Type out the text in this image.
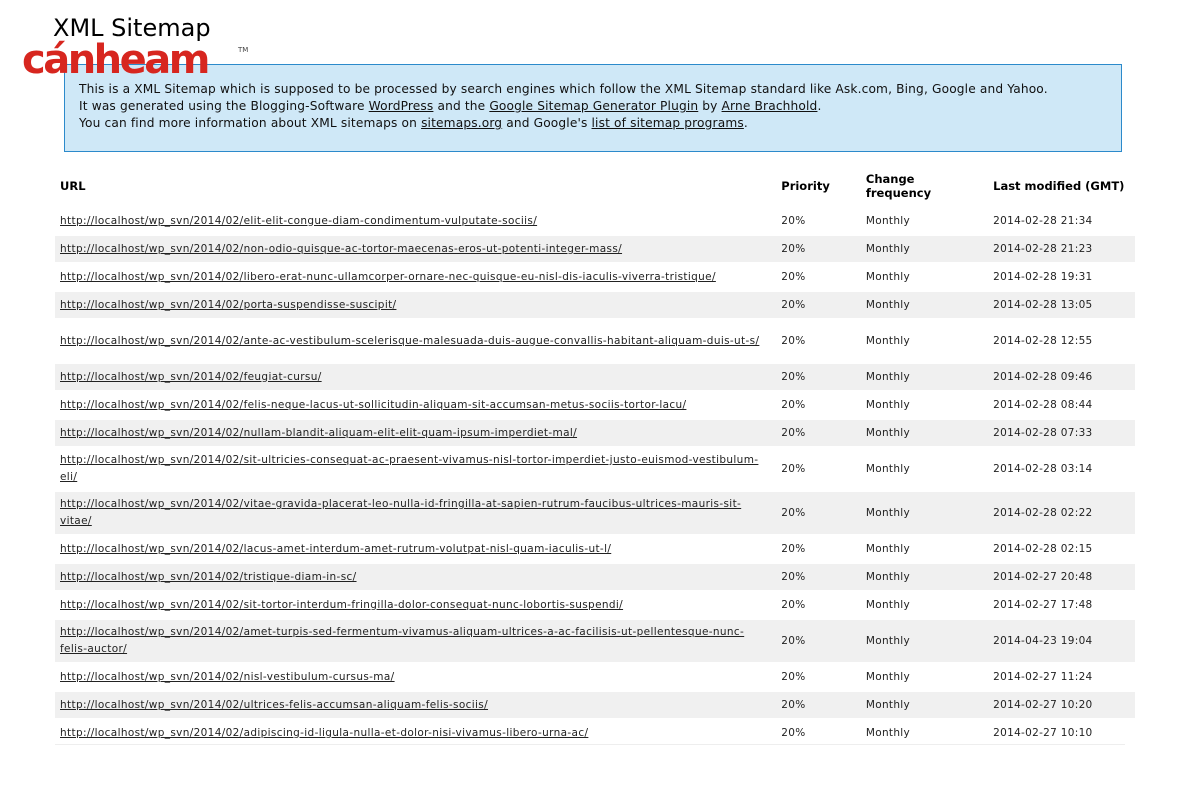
XML Sitemap
cánheam	TM

This is a XML Sitemap which is supposed to be processed by search engines which follow the XML Sitemap standard like Ask.com, Bing, Google and Yahoo.

It was generated using the Blogging-Software WordPress and the Google Sitemap Generator Plugin by Arne Brachhold.

You can find more information about XML sitemaps on sitemaps.org and Google's list of sitemap programs.

URL	Priority	Change frequency	Last modified (GMT)
http://localhost/wp_svn/2014/02/elit-elit-congue-diam-condimentum-vulputate-sociis/	20%	Monthly	2014-02-28 21:34
http://localhost/wp_svn/2014/02/non-odio-quisque-ac-tortor-maecenas-eros-ut-potenti-integer-mass/	20%	Monthly	2014-02-28 21:23
http://localhost/wp_svn/2014/02/libero-erat-nunc-ullamcorper-ornare-nec-quisque-eu-nisl-dis-iaculis-viverra-tristique/	20%	Monthly	2014-02-28 19:31
http://localhost/wp_svn/2014/02/porta-suspendisse-suscipit/	20%	Monthly	2014-02-28 13:05
http://localhost/wp_svn/2014/02/ante-ac-vestibulum-scelerisque-malesuada-duis-augue-convallis-habitant-aliquam-duis-ut-s/	20%	Monthly	2014-02-28 12:55
http://localhost/wp_svn/2014/02/feugiat-cursu/	20%	Monthly	2014-02-28 09:46
http://localhost/wp_svn/2014/02/felis-neque-lacus-ut-sollicitudin-aliquam-sit-accumsan-metus-sociis-tortor-lacu/	20%	Monthly	2014-02-28 08:44
http://localhost/wp_svn/2014/02/nullam-blandit-aliquam-elit-elit-quam-ipsum-imperdiet-mal/	20%	Monthly	2014-02-28 07:33
http://localhost/wp_svn/2014/02/sit-ultricies-consequat-ac-praesent-vivamus-nisl-tortor-imperdiet-justo-euismod-vestibulum-eli/	20%	Monthly	2014-02-28 03:14
http://localhost/wp_svn/2014/02/vitae-gravida-placerat-leo-nulla-id-fringilla-at-sapien-rutrum-faucibus-ultrices-mauris-sit-vitae/	20%	Monthly	2014-02-28 02:22
http://localhost/wp_svn/2014/02/lacus-amet-interdum-amet-rutrum-volutpat-nisl-quam-iaculis-ut-l/	20%	Monthly	2014-02-28 02:15
http://localhost/wp_svn/2014/02/tristique-diam-in-sc/	20%	Monthly	2014-02-27 20:48
http://localhost/wp_svn/2014/02/sit-tortor-interdum-fringilla-dolor-consequat-nunc-lobortis-suspendi/	20%	Monthly	2014-02-27 17:48
http://localhost/wp_svn/2014/02/amet-turpis-sed-fermentum-vivamus-aliquam-ultrices-a-ac-facilisis-ut-pellentesque-nunc-felis-auctor/	20%	Monthly	2014-04-23 19:04
http://localhost/wp_svn/2014/02/nisl-vestibulum-cursus-ma/	20%	Monthly	2014-02-27 11:24
http://localhost/wp_svn/2014/02/ultrices-felis-accumsan-aliquam-felis-sociis/	20%	Monthly	2014-02-27 10:20
http://localhost/wp_svn/2014/02/adipiscing-id-ligula-nulla-et-dolor-nisi-vivamus-libero-urna-ac/	20%	Monthly	2014-02-27 10:10
